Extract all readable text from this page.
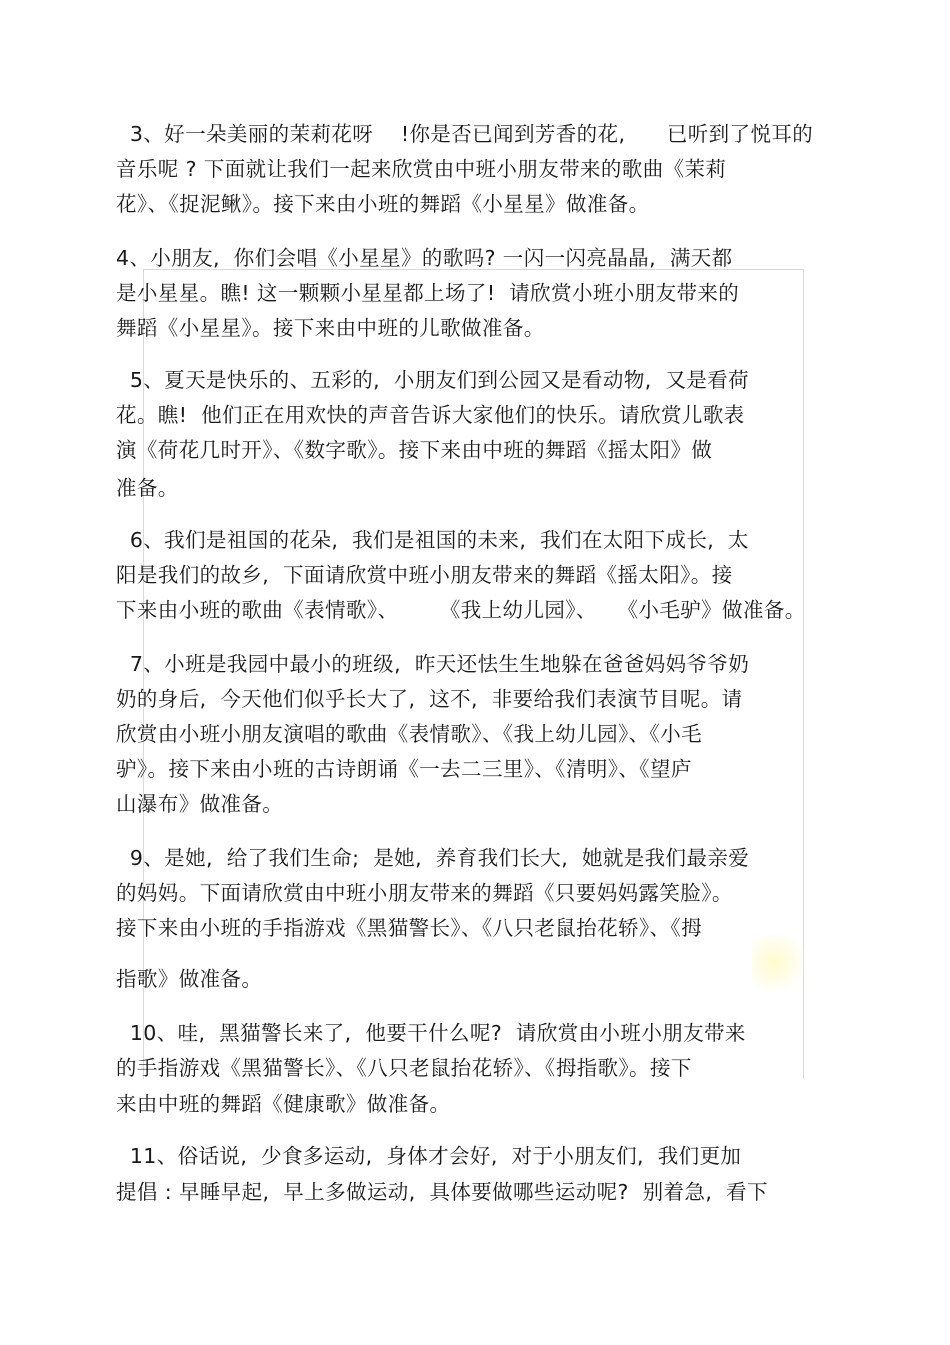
3、好一朵美丽的茉莉花呀    !你是否已闻到芳香的花,      已听到了悦耳的
音乐呢 ? 下面就让我们一起来欣赏由中班小朋友带来的歌曲《茉莉
花》、《捉泥鳅》。接下来由小班的舞蹈《小星星》做准备。
4、小朋友,  你们会唱《小星星》的歌吗? 一闪一闪亮晶晶,  满天都
是小星星。瞧! 这一颗颗小星星都上场了!  请欣赏小班小朋友带来的
舞蹈《小星星》。接下来由中班的儿歌做准备。
5、夏天是快乐的、五彩的,  小朋友们到公园又是看动物,  又是看荷
花。瞧!  他们正在用欢快的声音告诉大家他们的快乐。请欣赏儿歌表
演《荷花几时开》、《数字歌》。接下来由中班的舞蹈《摇太阳》做
准备。
6、我们是祖国的花朵,  我们是祖国的未来,  我们在太阳下成长,  太
阳是我们的故乡,  下面请欣赏中班小朋友带来的舞蹈《摇太阳》。接
下来由小班的歌曲《表情歌》、      《我上幼儿园》、   《小毛驴》做准备。
7、小班是我园中最小的班级,  昨天还怯生生地躲在爸爸妈妈爷爷奶
奶的身后,  今天他们似乎长大了,  这不,  非要给我们表演节目呢。请
欣赏由小班小朋友演唱的歌曲《表情歌》、《我上幼儿园》、《小毛
驴》。接下来由小班的古诗朗诵《一去二三里》、《清明》、《望庐
山瀑布》做准备。
9、是她,  给了我们生命;  是她,  养育我们长大,  她就是我们最亲爱
的妈妈。下面请欣赏由中班小朋友带来的舞蹈《只要妈妈露笑脸》。
接下来由小班的手指游戏《黑猫警长》、《八只老鼠抬花轿》、《拇
指歌》做准备。
10、哇,  黑猫警长来了,  他要干什么呢?  请欣赏由小班小朋友带来
的手指游戏《黑猫警长》、《八只老鼠抬花轿》、《拇指歌》。接下
来由中班的舞蹈《健康歌》做准备。
11、俗话说,  少食多运动,  身体才会好,  对于小朋友们,  我们更加
提倡 : 早睡早起,  早上多做运动,  具体要做哪些运动呢?  别着急,  看下
